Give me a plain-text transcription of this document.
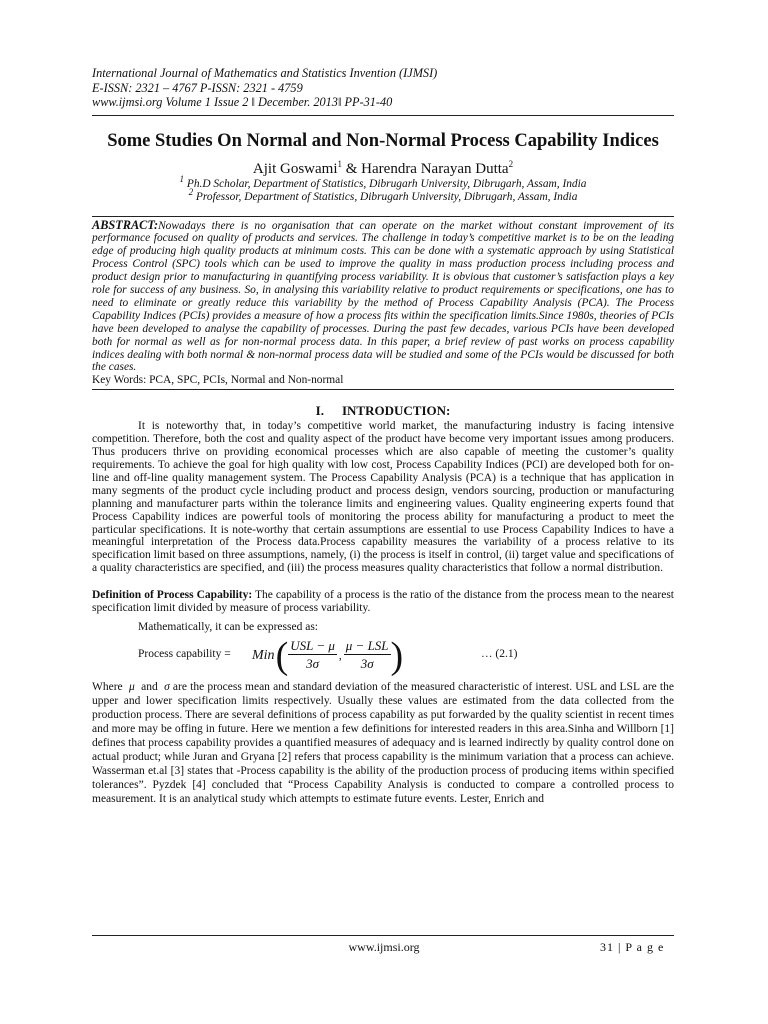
International Journal of Mathematics and Statistics Invention (IJMSI)
E-ISSN: 2321 – 4767 P-ISSN: 2321 - 4759
www.ijmsi.org Volume 1 Issue 2 ǁ December. 2013ǁ PP-31-40
Some Studies On Normal and Non-Normal Process Capability Indices
Ajit Goswami$^1$ & Harendra Narayan Dutta$^2$
$^1$ Ph.D Scholar, Department of Statistics, Dibrugarh University, Dibrugarh, Assam, India
$^2$ Professor, Department of Statistics, Dibrugarh University, Dibrugarh, Assam, India
ABSTRACT:Nowadays there is no organisation that can operate on the market without constant improvement of its performance focused on quality of products and services. The challenge in today’s competitive market is to be on the leading edge of producing high quality products at minimum costs. This can be done with a systematic approach by using Statistical Process Control (SPC) tools which can be used to improve the quality in mass production process including process and product design prior to manufacturing in quantifying process variability. It is obvious that customer’s satisfaction plays a key role for success of any business. So, in analysing this variability relative to product requirements or specifications, one has to need to eliminate or greatly reduce this variability by the method of Process Capability Analysis (PCA). The Process Capability Indices (PCIs) provides a measure of how a process fits within the specification limits.Since 1980s, theories of PCIs have been developed to analyse the capability of processes. During the past few decades, various PCIs have been developed both for normal as well as for non-normal process data. In this paper, a brief review of past works on process capability indices dealing with both normal & non-normal process data will be studied and some of the PCIs would be discussed for both the cases.
Key Words: PCA, SPC, PCIs, Normal and Non-normal
I. INTRODUCTION:
It is noteworthy that, in today’s competitive world market, the manufacturing industry is facing intensive competition. Therefore, both the cost and quality aspect of the product have become very important issues among producers. Thus producers thrive on providing economical processes which are also capable of meeting the customer’s quality requirements. To achieve the goal for high quality with low cost, Process Capability Indices (PCI) are developed both for on-line and off-line quality management system. The Process Capability Analysis (PCA) is a technique that has application in many segments of the product cycle including product and process design, vendors sourcing, production or manufacturing planning and manufacturer parts within the tolerance limits and engineering values. Quality engineering experts found that Process Capability indices are powerful tools of monitoring the process ability for manufacturing a product to meet the particular specifications. It is note-worthy that certain assumptions are essential to use Process Capability Indices to have a meaningful interpretation of the Process data.Process capability measures the variability of a process relative to its specification limit based on three assumptions, namely, (i) the process is itself in control, (ii) target value and specifications of a quality characteristics are specified, and (iii) the process measures quality characteristics that follow a normal distribution.
Definition of Process Capability: The capability of a process is the ratio of the distance from the process mean to the nearest specification limit divided by measure of process variability.
Mathematically, it can be expressed as:
Process capability = Min ( $\frac{\text{USL − μ}}{3\sigma}$ , $\frac{\text{μ − LSL}}{3\sigma}$ )	… (2.1)
Where  μ  and  σ are the process mean and standard deviation of the measured characteristic of interest. USL and LSL are the upper and lower specification limits respectively. Usually these values are estimated from the data collected from the production process. There are several definitions of process capability as put forwarded by the quality scientist in recent times and more may be offing in future. Here we mention a few definitions for interested readers in this area.Sinha and Willborn [1] defines that process capability provides a quantified measures of adequacy and is learned indirectly by quality control done on actual product; while Juran and Gryana [2] refers that process capability is the minimum variation that a process can achieve. Wasserman et.al [3] states that -Process capability is the ability of the production process of producing items within specified tolerances”. Pyzdek [4] concluded that “Process Capability Analysis is conducted to compare a controlled process to measurement. It is an analytical study which attempts to estimate future events. Lester, Enrich and
www.ijmsi.org	31 | P a g e
